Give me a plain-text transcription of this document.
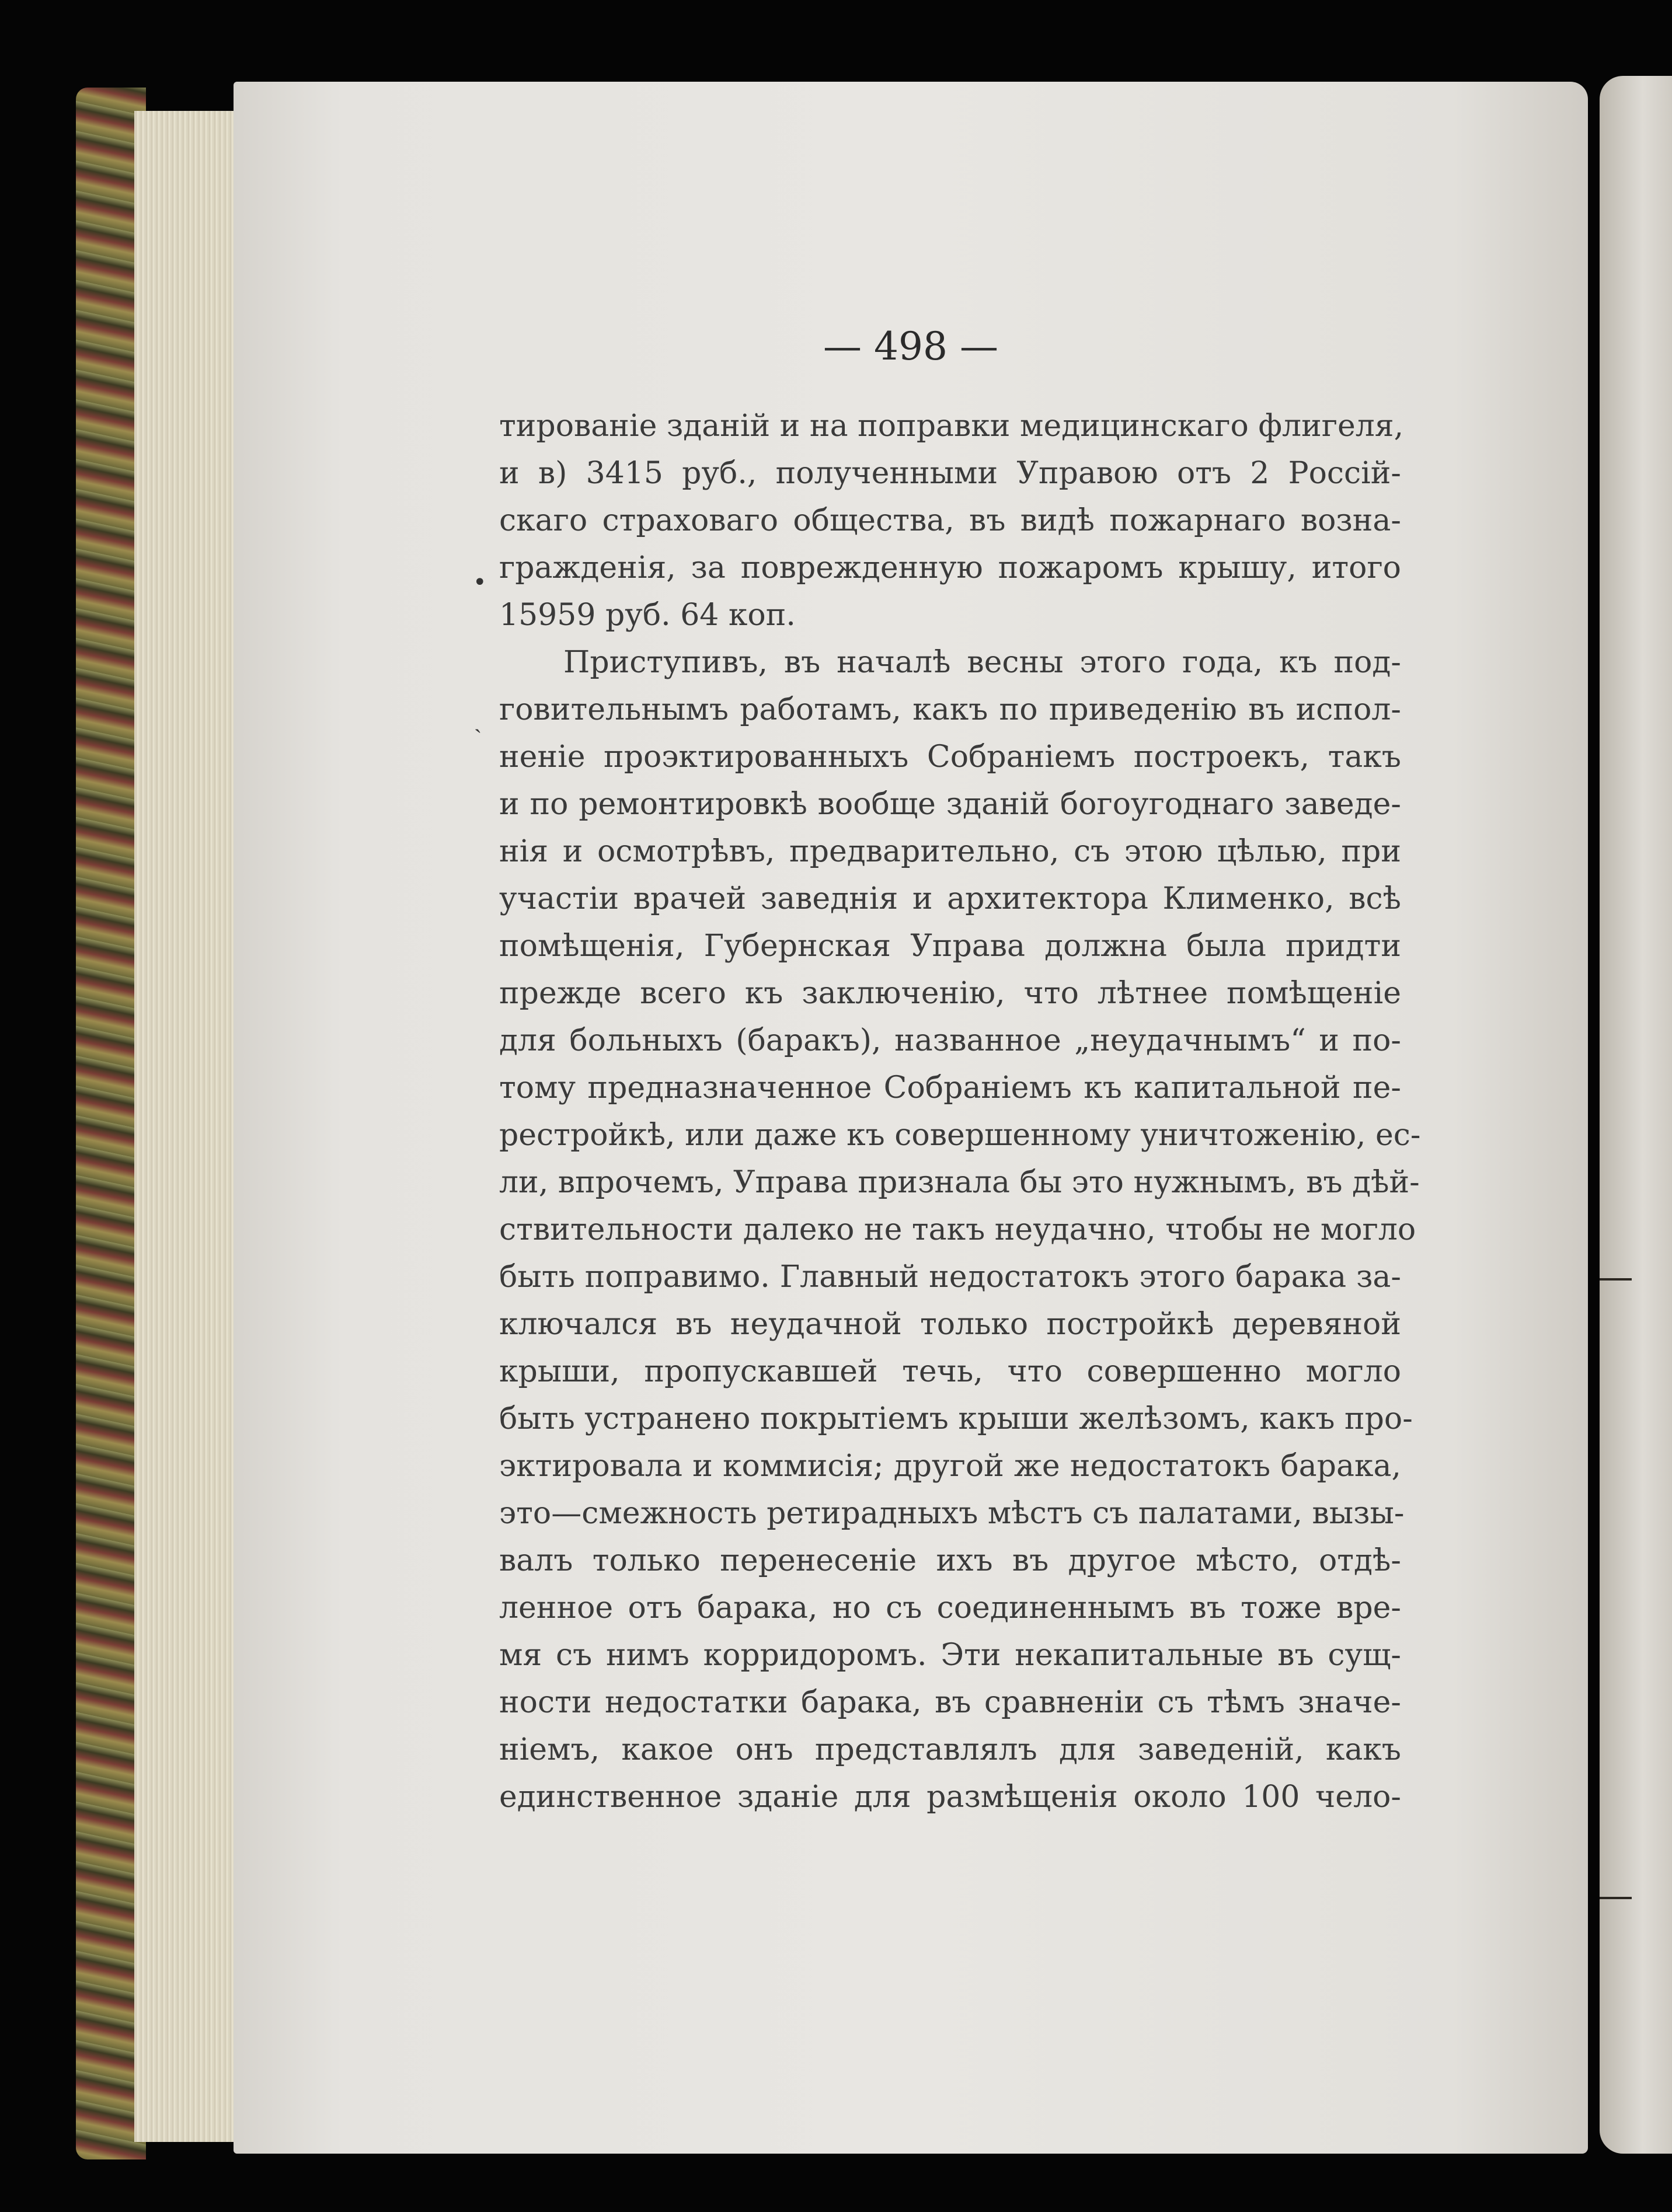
— 498 —
•
ˎ
тированіе зданій и на поправки медицинскаго флигеля,
и в) 3415 руб., полученными Управою отъ 2 Россій-
скаго страховаго общества, въ видѣ пожарнаго возна-
гражденія, за поврежденную пожаромъ крышу, итого
15959 руб. 64 коп.
Приступивъ, въ началѣ весны этого года, къ под-
говительнымъ работамъ, какъ по приведенію въ испол-
неніе проэктированныхъ Собраніемъ построекъ, такъ
и по ремонтировкѣ вообще зданій богоугоднаго заведе-
нія и осмотрѣвъ, предварительно, съ этою цѣлью, при
участіи врачей заведнія и архитектора Клименко, всѣ
помѣщенія, Губернская Управа должна была придти
прежде всего къ заключенію, что лѣтнее помѣщеніе
для больныхъ (баракъ), названное „неудачнымъ“ и по-
тому предназначенное Собраніемъ къ капитальной пе-
рестройкѣ, или даже къ совершенному уничтоженію, ес-
ли, впрочемъ, Управа признала бы это нужнымъ, въ дѣй-
ствительности далеко не такъ неудачно, чтобы не могло
быть поправимо. Главный недостатокъ этого барака за-
ключался въ неудачной только постройкѣ деревяной
крыши, пропускавшей течь, что совершенно могло
быть устранено покрытіемъ крыши желѣзомъ, какъ про-
эктировала и коммисія; другой же недостатокъ барака,
это—смежность ретирадныхъ мѣстъ съ палатами, вызы-
валъ только перенесеніе ихъ въ другое мѣсто, отдѣ-
ленное отъ барака, но съ соединеннымъ въ тоже вре-
мя съ нимъ корридоромъ. Эти некапитальные въ сущ-
ности недостатки барака, въ сравненіи съ тѣмъ значе-
ніемъ, какое онъ представлялъ для заведеній, какъ
единственное зданіе для размѣщенія около 100 чело-
